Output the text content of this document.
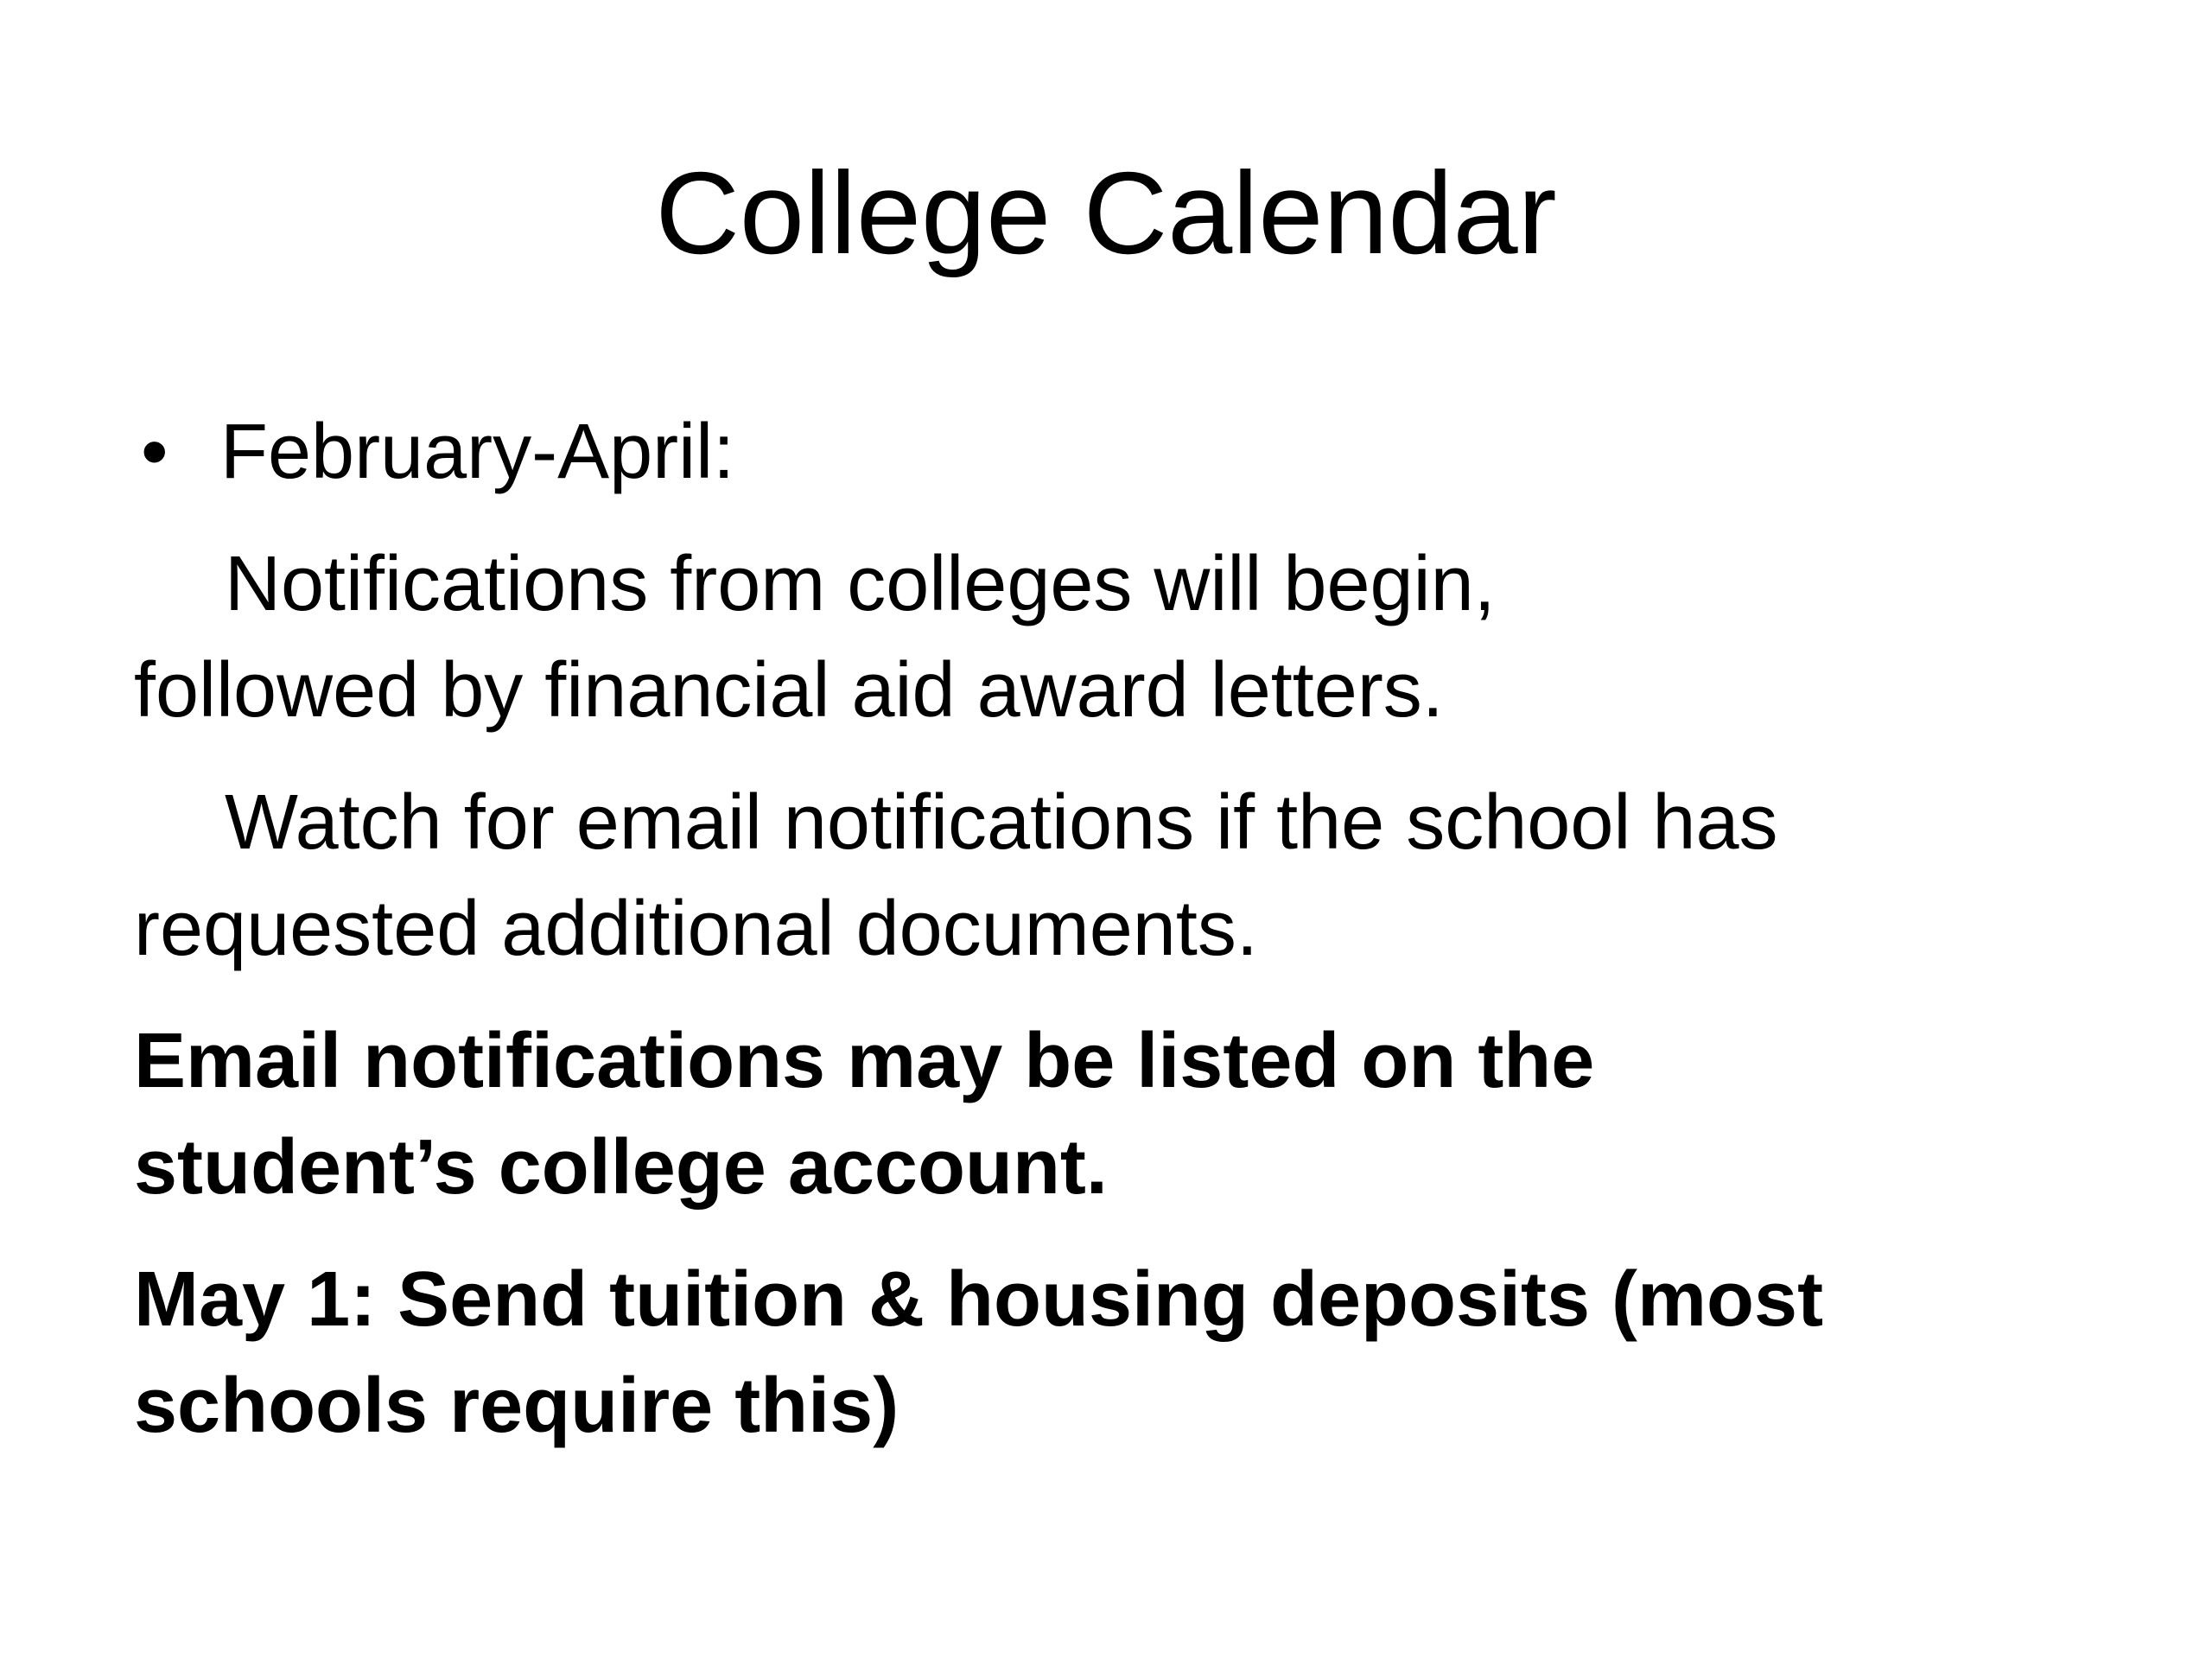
College Calendar
• February-April:
Notifications from colleges will begin,
followed by financial aid award letters.
Watch for email notifications if the school has
requested additional documents.
Email notifications may be listed on the
student’s college account.
May 1: Send tuition & housing deposits (most
schools require this)
